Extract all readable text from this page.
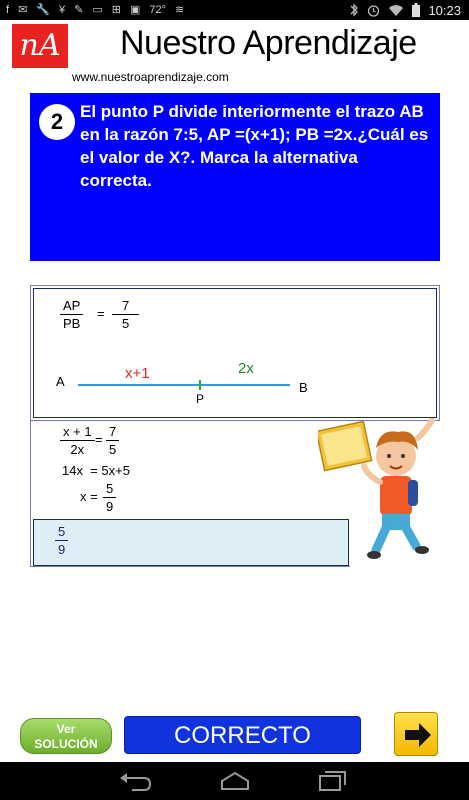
f ✉ 🔧 ¥ ✎ ▭ ⊞ ▣ 72° ≋	10:23
nA Nuestro Aprendizaje
www.nuestroaprendizaje.com
2 El punto P divide interiormente el trazo AB en la razón 7:5, AP =(x+1); PB =2x.¿Cuál es el valor de X?. Marca la alternativa correcta.
$\frac{AP}{PB} = \frac{7}{5}$
A	B
P
x+1	2x
$\frac{x + 1}{2x} = \frac{7}{5}$
14x  = 5x+5
$x = \frac{5}{9}$
$\frac{5}{9}$
Ver
SOLUCIÓN	CORRECTO
